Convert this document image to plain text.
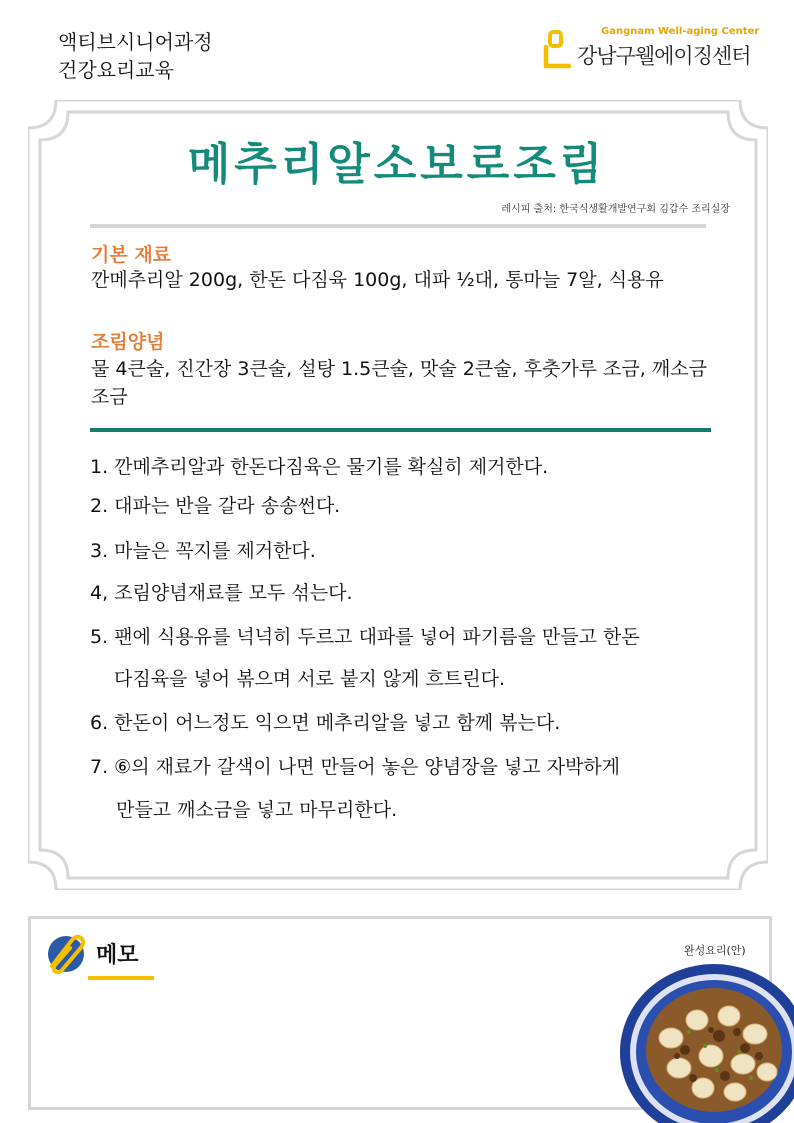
액티브시니어과정
건강요리교육
Gangnam Well-aging Center
강남구웰에이징센터
메추리알소보로조림
레시피 출처: 한국식생활개발연구회 김갑수 조리실장
기본 재료
깐메추리알 200g, 한돈 다짐육 100g, 대파 ½대, 통마늘 7알, 식용유
조림양념
물 4큰술, 진간장 3큰술, 설탕 1.5큰술, 맛술 2큰술, 후춧가루 조금, 깨소금 조금
1. 깐메추리알과 한돈다짐육은 물기를 확실히 제거한다.
2. 대파는 반을 갈라 송송썬다.
3. 마늘은 꼭지를 제거한다.
4, 조림양념재료를 모두 섞는다.
5. 팬에 식용유를 넉넉히 두르고 대파를 넣어 파기름을 만들고 한돈
다짐육을 넣어 볶으며 서로 붙지 않게 흐트린다.
6. 한돈이 어느정도 익으면 메추리알을 넣고 함께 볶는다.
7. ⑥의 재료가 갈색이 나면 만들어 놓은 양념장을 넣고 자박하게
만들고 깨소금을 넣고 마무리한다.
메모	완성요리(안)
